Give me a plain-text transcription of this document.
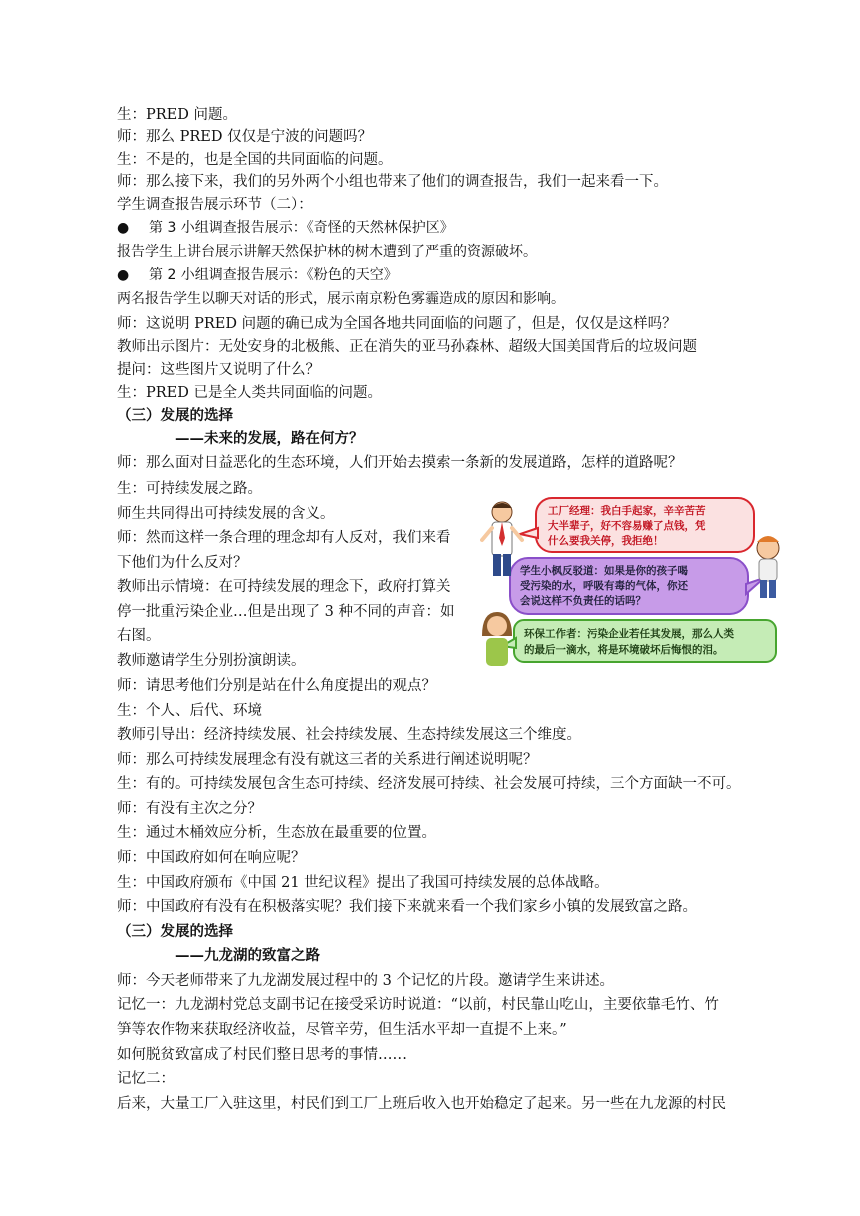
生：PRED 问题。
师：那么 PRED 仅仅是宁波的问题吗？
生：不是的，也是全国的共同面临的问题。
师：那么接下来，我们的另外两个小组也带来了他们的调查报告，我们一起来看一下。
学生调查报告展示环节（二）：
● 第 3 小组调查报告展示：《奇怪的天然林保护区》
报告学生上讲台展示讲解天然保护林的树木遭到了严重的资源破坏。
● 第 2 小组调查报告展示：《粉色的天空》
两名报告学生以聊天对话的形式，展示南京粉色雾霾造成的原因和影响。
师：这说明 PRED 问题的确已成为全国各地共同面临的问题了，但是，仅仅是这样吗？
教师出示图片：无处安身的北极熊、正在消失的亚马孙森林、超级大国美国背后的垃圾问题
提问：这些图片又说明了什么？
生：PRED 已是全人类共同面临的问题。
（三）发展的选择
——未来的发展，路在何方？
师：那么面对日益恶化的生态环境，人们开始去摸索一条新的发展道路，怎样的道路呢？
生：可持续发展之路。
师生共同得出可持续发展的含义。
师：然而这样一条合理的理念却有人反对，我们来看
下他们为什么反对？
教师出示情境：在可持续发展的理念下，政府打算关
停一批重污染企业…但是出现了 3 种不同的声音：如
右图。
教师邀请学生分别扮演朗读。
师：请思考他们分别是站在什么角度提出的观点？
生：个人、后代、环境
教师引导出：经济持续发展、社会持续发展、生态持续发展这三个维度。
师：那么可持续发展理念有没有就这三者的关系进行阐述说明呢？
生：有的。可持续发展包含生态可持续、经济发展可持续、社会发展可持续，三个方面缺一不可。
师：有没有主次之分？
生：通过木桶效应分析，生态放在最重要的位置。
师：中国政府如何在响应呢？
生：中国政府颁布《中国 21 世纪议程》提出了我国可持续发展的总体战略。
师：中国政府有没有在积极落实呢？我们接下来就来看一个我们家乡小镇的发展致富之路。
（三）发展的选择
——九龙湖的致富之路
师：今天老师带来了九龙湖发展过程中的 3 个记忆的片段。邀请学生来讲述。
记忆一：九龙湖村党总支副书记在接受采访时说道：“以前，村民靠山吃山，主要依靠毛竹、竹
笋等农作物来获取经济收益，尽管辛劳，但生活水平却一直提不上来。”
如何脱贫致富成了村民们整日思考的事情……
记忆二：
后来，大量工厂入驻这里，村民们到工厂上班后收入也开始稳定了起来。另一些在九龙源的村民
工厂经理：我白手起家，辛辛苦苦 大半辈子，好不容易赚了点钱，凭 什么要我关停，我拒绝！
学生小枫反驳道：如果是你的孩子喝 受污染的水，呼吸有毒的气体，你还 会说这样不负责任的话吗？
环保工作者：污染企业若任其发展，那么人类 的最后一滴水，将是环境破坏后悔恨的泪。
